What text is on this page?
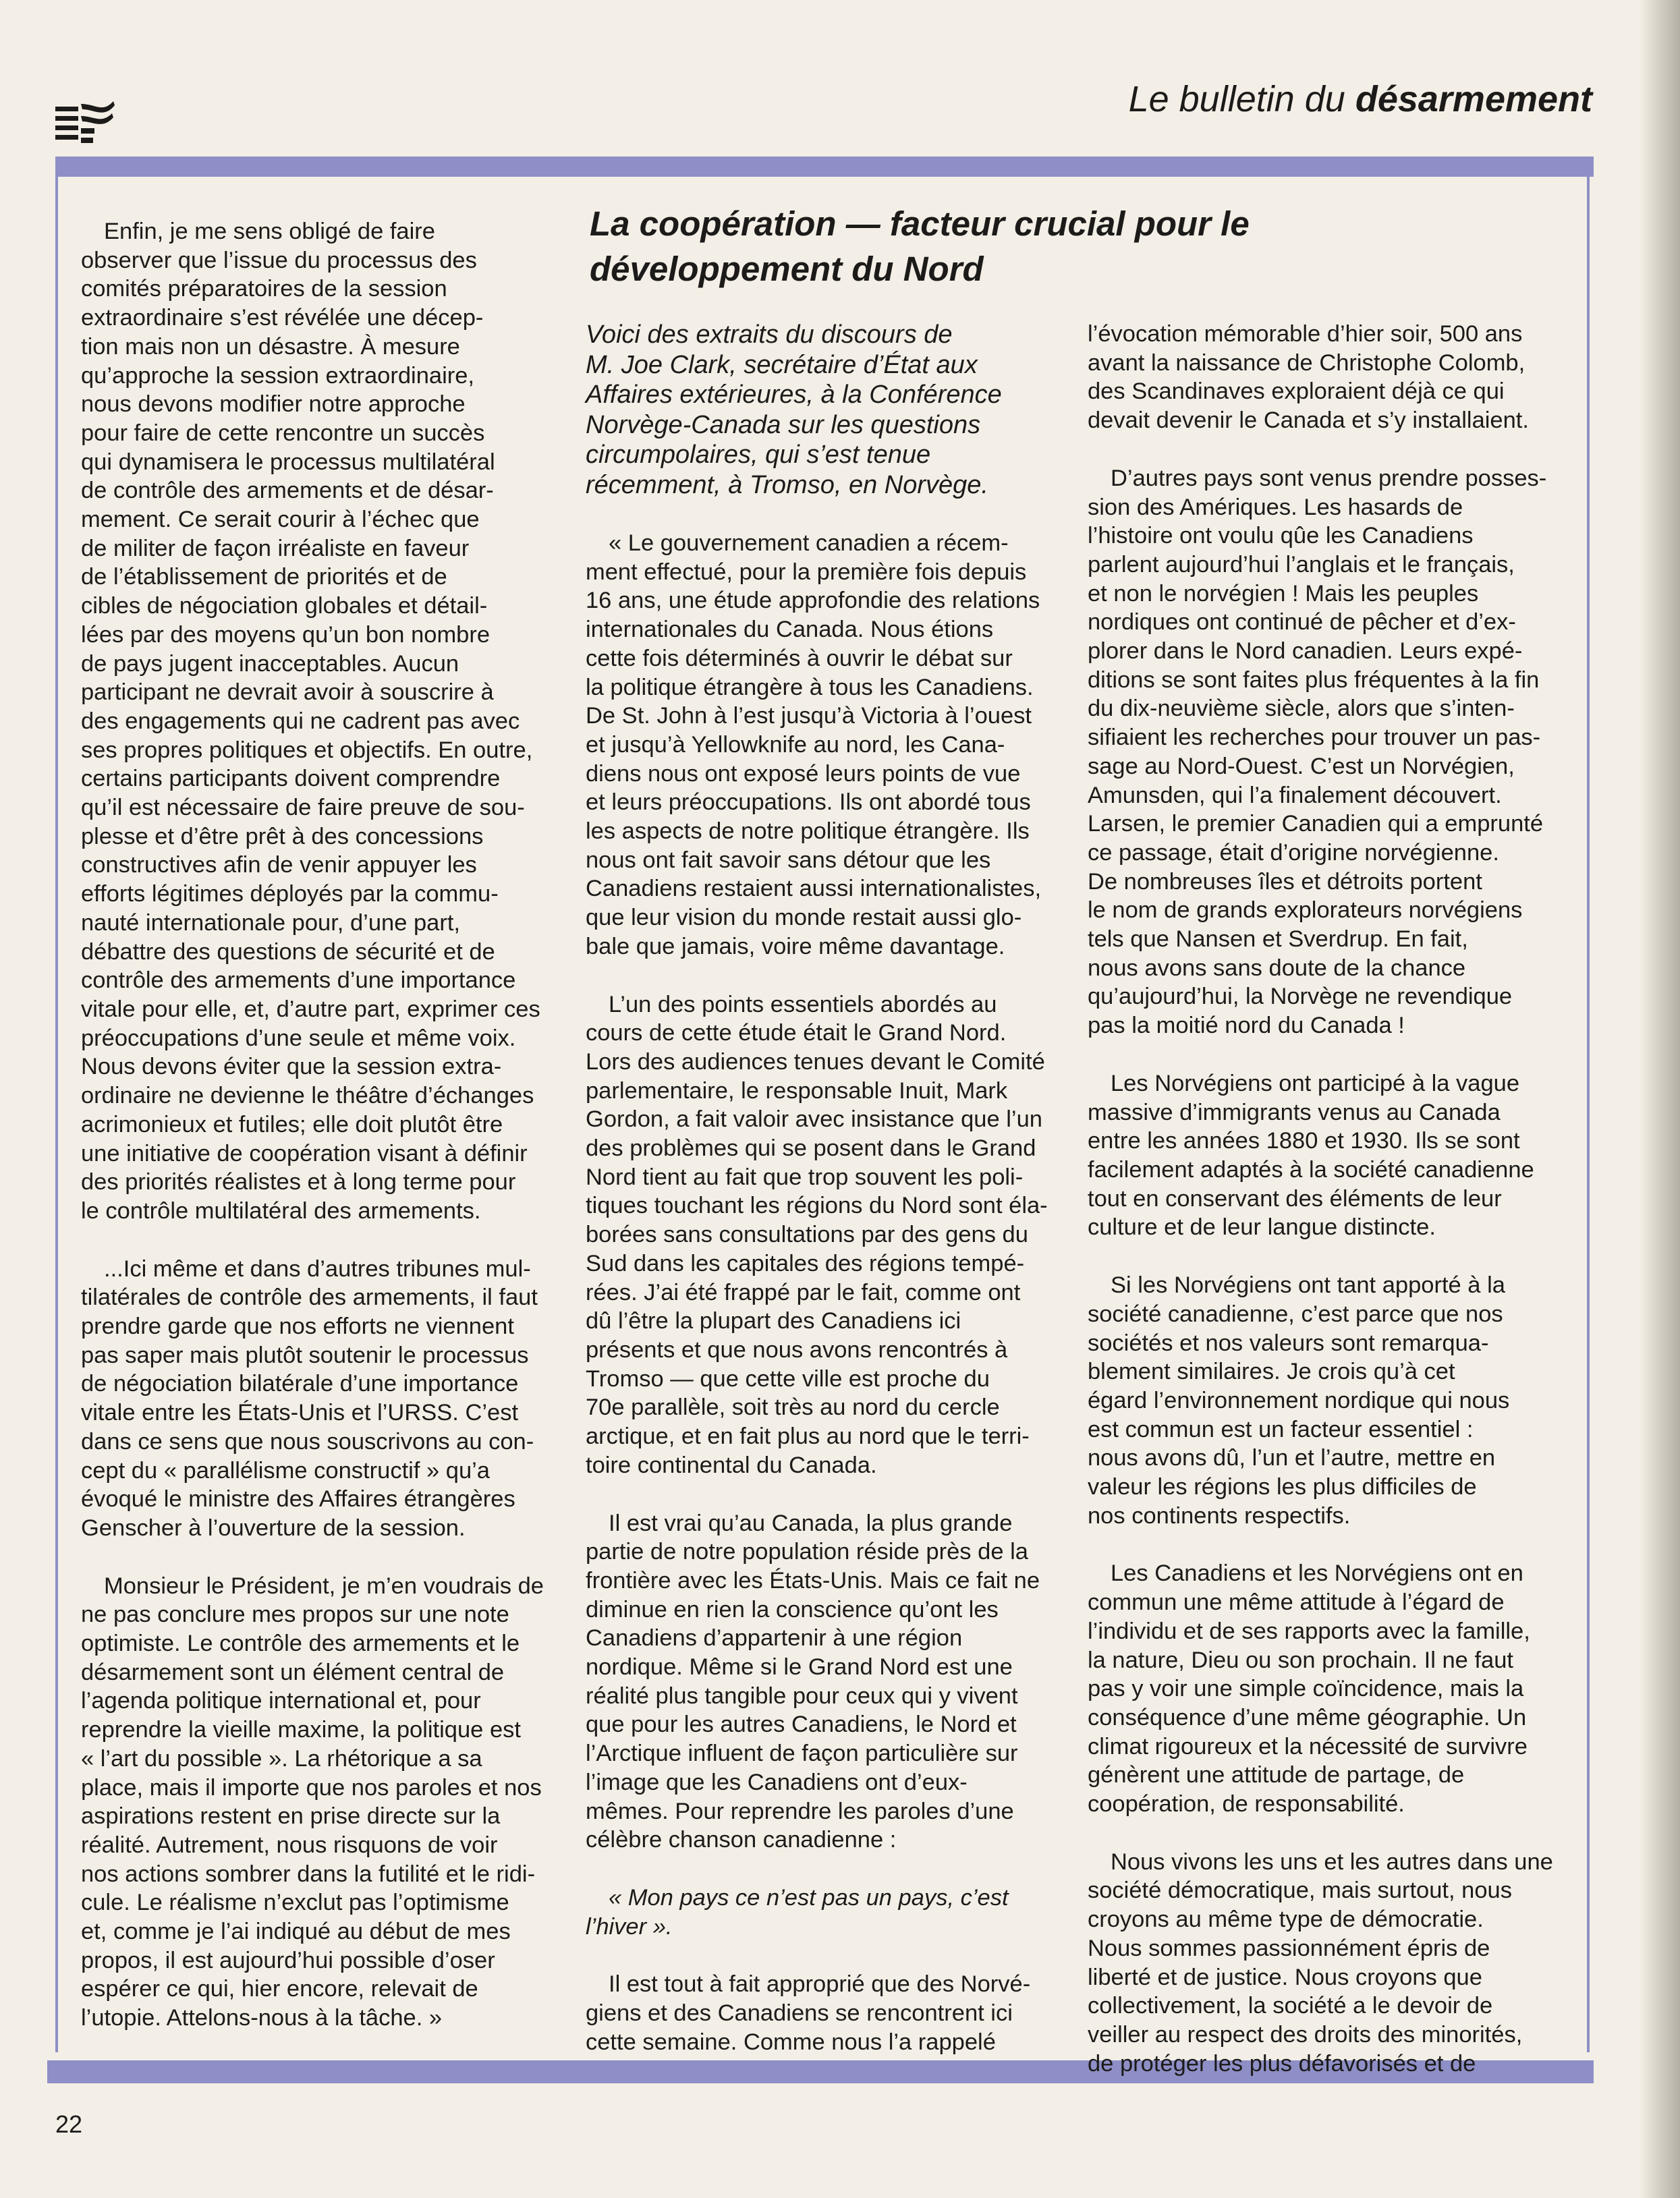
Le bulletin du désarmement

Enfin, je me sens obligé de faire
observer que l’issue du processus des
comités préparatoires de la session
extraordinaire s’est révélée une décep-
tion mais non un désastre. À mesure
qu’approche la session extraordinaire,
nous devons modifier notre approche
pour faire de cette rencontre un succès
qui dynamisera le processus multilatéral
de contrôle des armements et de désar-
mement. Ce serait courir à l’échec que
de militer de façon irréaliste en faveur
de l’établissement de priorités et de
cibles de négociation globales et détail-
lées par des moyens qu’un bon nombre
de pays jugent inacceptables. Aucun
participant ne devrait avoir à souscrire à
des engagements qui ne cadrent pas avec
ses propres politiques et objectifs. En outre,
certains participants doivent comprendre
qu’il est nécessaire de faire preuve de sou-
plesse et d’être prêt à des concessions
constructives afin de venir appuyer les
efforts légitimes déployés par la commu-
nauté internationale pour, d’une part,
débattre des questions de sécurité et de
contrôle des armements d’une importance
vitale pour elle, et, d’autre part, exprimer ces
préoccupations d’une seule et même voix.
Nous devons éviter que la session extra-
ordinaire ne devienne le théâtre d’échanges
acrimonieux et futiles; elle doit plutôt être
une initiative de coopération visant à définir
des priorités réalistes et à long terme pour
le contrôle multilatéral des armements.

...Ici même et dans d’autres tribunes mul-
tilatérales de contrôle des armements, il faut
prendre garde que nos efforts ne viennent
pas saper mais plutôt soutenir le processus
de négociation bilatérale d’une importance
vitale entre les États-Unis et l’URSS. C’est
dans ce sens que nous souscrivons au con-
cept du « parallélisme constructif » qu’a
évoqué le ministre des Affaires étrangères
Genscher à l’ouverture de la session.

Monsieur le Président, je m’en voudrais de
ne pas conclure mes propos sur une note
optimiste. Le contrôle des armements et le
désarmement sont un élément central de
l’agenda politique international et, pour
reprendre la vieille maxime, la politique est
« l’art du possible ». La rhétorique a sa
place, mais il importe que nos paroles et nos
aspirations restent en prise directe sur la
réalité. Autrement, nous risquons de voir
nos actions sombrer dans la futilité et le ridi-
cule. Le réalisme n’exclut pas l’optimisme
et, comme je l’ai indiqué au début de mes
propos, il est aujourd’hui possible d’oser
espérer ce qui, hier encore, relevait de
l’utopie. Attelons-nous à la tâche. »

La coopération — facteur crucial pour le
développement du Nord

Voici des extraits du discours de
M. Joe Clark, secrétaire d’État aux
Affaires extérieures, à la Conférence
Norvège-Canada sur les questions
circumpolaires, qui s’est tenue
récemment, à Tromso, en Norvège.

« Le gouvernement canadien a récem-
ment effectué, pour la première fois depuis
16 ans, une étude approfondie des relations
internationales du Canada. Nous étions
cette fois déterminés à ouvrir le débat sur
la politique étrangère à tous les Canadiens.
De St. John à l’est jusqu’à Victoria à l’ouest
et jusqu’à Yellowknife au nord, les Cana-
diens nous ont exposé leurs points de vue
et leurs préoccupations. Ils ont abordé tous
les aspects de notre politique étrangère. Ils
nous ont fait savoir sans détour que les
Canadiens restaient aussi internationalistes,
que leur vision du monde restait aussi glo-
bale que jamais, voire même davantage.

L’un des points essentiels abordés au
cours de cette étude était le Grand Nord.
Lors des audiences tenues devant le Comité
parlementaire, le responsable Inuit, Mark
Gordon, a fait valoir avec insistance que l’un
des problèmes qui se posent dans le Grand
Nord tient au fait que trop souvent les poli-
tiques touchant les régions du Nord sont éla-
borées sans consultations par des gens du
Sud dans les capitales des régions tempé-
rées. J’ai été frappé par le fait, comme ont
dû l’être la plupart des Canadiens ici
présents et que nous avons rencontrés à
Tromso — que cette ville est proche du
70e parallèle, soit très au nord du cercle
arctique, et en fait plus au nord que le terri-
toire continental du Canada.

Il est vrai qu’au Canada, la plus grande
partie de notre population réside près de la
frontière avec les États-Unis. Mais ce fait ne
diminue en rien la conscience qu’ont les
Canadiens d’appartenir à une région
nordique. Même si le Grand Nord est une
réalité plus tangible pour ceux qui y vivent
que pour les autres Canadiens, le Nord et
l’Arctique influent de façon particulière sur
l’image que les Canadiens ont d’eux-
mêmes. Pour reprendre les paroles d’une
célèbre chanson canadienne :

« Mon pays ce n’est pas un pays, c’est
l’hiver ».

Il est tout à fait approprié que des Norvé-
giens et des Canadiens se rencontrent ici
cette semaine. Comme nous l’a rappelé

l’évocation mémorable d’hier soir, 500 ans
avant la naissance de Christophe Colomb,
des Scandinaves exploraient déjà ce qui
devait devenir le Canada et s’y installaient.

D’autres pays sont venus prendre posses-
sion des Amériques. Les hasards de
l’histoire ont voulu qûe les Canadiens
parlent aujourd’hui l’anglais et le français,
et non le norvégien ! Mais les peuples
nordiques ont continué de pêcher et d’ex-
plorer dans le Nord canadien. Leurs expé-
ditions se sont faites plus fréquentes à la fin
du dix-neuvième siècle, alors que s’inten-
sifiaient les recherches pour trouver un pas-
sage au Nord-Ouest. C’est un Norvégien,
Amunsden, qui l’a finalement découvert.
Larsen, le premier Canadien qui a emprunté
ce passage, était d’origine norvégienne.
De nombreuses îles et détroits portent
le nom de grands explorateurs norvégiens
tels que Nansen et Sverdrup. En fait,
nous avons sans doute de la chance
qu’aujourd’hui, la Norvège ne revendique
pas la moitié nord du Canada !

Les Norvégiens ont participé à la vague
massive d’immigrants venus au Canada
entre les années 1880 et 1930. Ils se sont
facilement adaptés à la société canadienne
tout en conservant des éléments de leur
culture et de leur langue distincte.

Si les Norvégiens ont tant apporté à la
société canadienne, c’est parce que nos
sociétés et nos valeurs sont remarqua-
blement similaires. Je crois qu’à cet
égard l’environnement nordique qui nous
est commun est un facteur essentiel :
nous avons dû, l’un et l’autre, mettre en
valeur les régions les plus difficiles de
nos continents respectifs.

Les Canadiens et les Norvégiens ont en
commun une même attitude à l’égard de
l’individu et de ses rapports avec la famille,
la nature, Dieu ou son prochain. Il ne faut
pas y voir une simple coïncidence, mais la
conséquence d’une même géographie. Un
climat rigoureux et la nécessité de survivre
génèrent une attitude de partage, de
coopération, de responsabilité.

Nous vivons les uns et les autres dans une
société démocratique, mais surtout, nous
croyons au même type de démocratie.
Nous sommes passionnément épris de
liberté et de justice. Nous croyons que
collectivement, la société a le devoir de
veiller au respect des droits des minorités,
de protéger les plus défavorisés et de

22
